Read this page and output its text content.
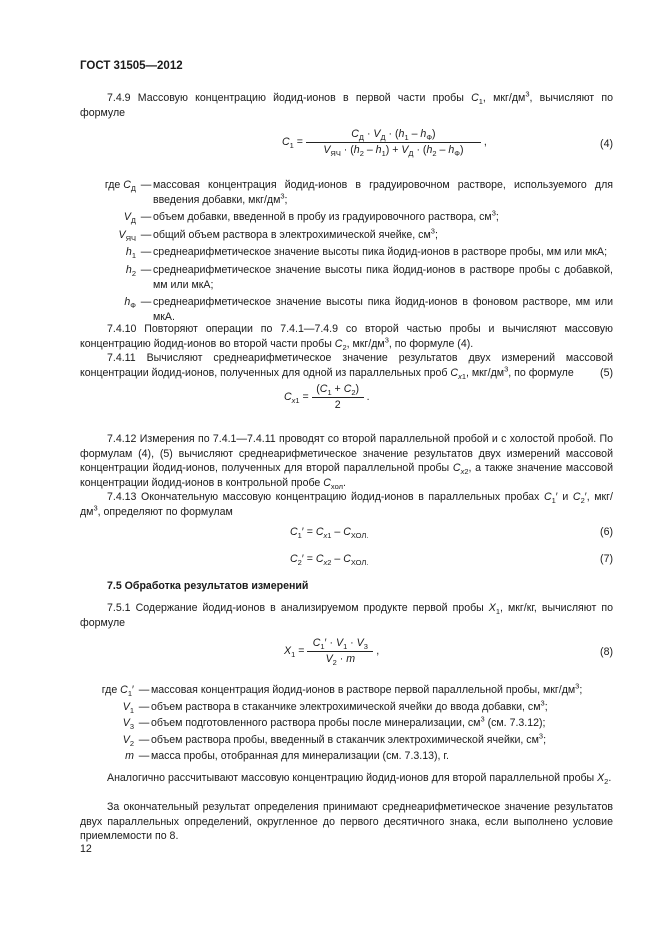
ГОСТ 31505—2012
7.4.9 Массовую концентрацию йодид-ионов в первой части пробы $C_1$, мкг/$дм^3$, вычисляют по формуле
$C_1 = \frac{C_Д \cdot V_Д \cdot (h_1 - h_Ф)}{V_{ЯЧ} \cdot (h_2 - h_1) + V_Д \cdot (h_2 - h_Ф)}$ ,	(4)
где $C_Д$ — массовая концентрация йодид-ионов в градуировочном растворе, используемого для введения добавки, мкг/$дм^3$;
$V_Д$ — объем добавки, введенной в пробу из градуировочного раствора, $см^3$;
$V_{ЯЧ}$ — общий объем раствора в электрохимической ячейке, $см^3$;
$h_1$ — среднеарифметическое значение высоты пика йодид-ионов в растворе пробы, мм или мкА;
$h_2$ — среднеарифметическое значение высоты пика йодид-ионов в растворе пробы с добавкой, мм или мкА;
$h_Ф$ — среднеарифметическое значение высоты пика йодид-ионов в фоновом растворе, мм или мкА.
7.4.10 Повторяют операции по 7.4.1—7.4.9 со второй частью пробы и вычисляют массовую концентрацию йодид-ионов во второй части пробы $C_2$, мкг/$дм^3$, по формуле (4).
7.4.11 Вычисляют среднеарифметическое значение результатов двух измерений массовой концентрации йодид-ионов, полученных для одной из параллельных проб $C_{x1}$, мкг/$дм^3$, по формуле
$C_{x1} = \frac{(C_1 + C_2)}{2}$ .
(5)
7.4.12 Измерения по 7.4.1—7.4.11 проводят со второй параллельной пробой и с холостой пробой. По формулам (4), (5) вычисляют среднеарифметическое значение результатов двух измерений массовой концентрации йодид-ионов, полученных для второй параллельной пробы $C_{x2}$, а также значение массовой концентрации йодид-ионов в контрольной пробе $C_{хол}$.
7.4.13 Окончательную массовую концентрацию йодид-ионов в параллельных пробах $C_1'$ и $C_2'$, мкг/$дм^3$, определяют по формулам
$C_1' = C_{x1} - C_{ХОЛ.}$	(6)
$C_2' = C_{x2} - C_{ХОЛ.}$	(7)
7.5 Обработка результатов измерений
7.5.1 Содержание йодид-ионов в анализируемом продукте первой пробы $X_1$, мкг/кг, вычисляют по формуле
$X_1 = \frac{C_1' \cdot V_1 \cdot V_3}{V_2 \cdot m}$ ,	(8)
где $C_1'$ — массовая концентрация йодид-ионов в растворе первой параллельной пробы, мкг/$дм^3$;
$V_1$ — объем раствора в стаканчике электрохимической ячейки до ввода добавки, $см^3$;
$V_3$ — объем подготовленного раствора пробы после минерализации, $см^3$ (см. 7.3.12);
$V_2$ — объем раствора пробы, введенный в стаканчик электрохимической ячейки, $см^3$;
m — масса пробы, отобранная для минерализации (см. 7.3.13), г.
Аналогично рассчитывают массовую концентрацию йодид-ионов для второй параллельной пробы $X_2$.
За окончательный результат определения принимают среднеарифметическое значение результатов двух параллельных определений, округленное до первого десятичного знака, если выполнено условие приемлемости по 8.
12
